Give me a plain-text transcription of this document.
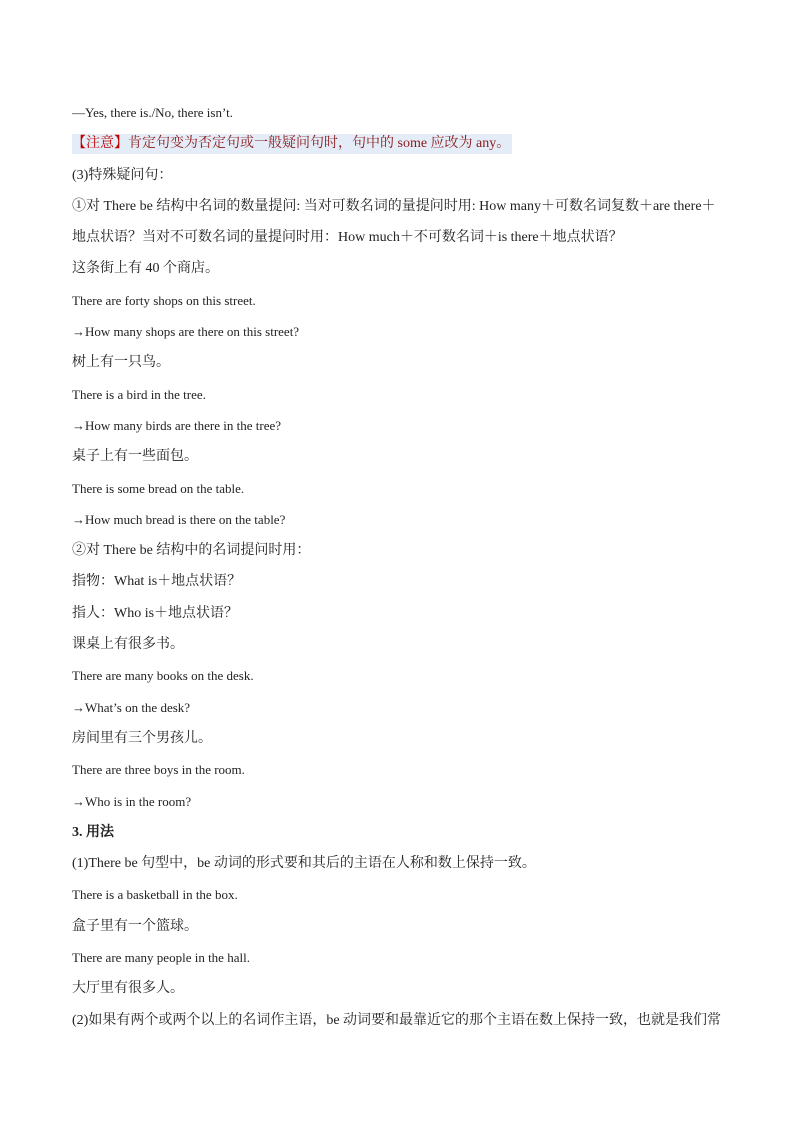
—Yes, there is./No, there isn’t.
【注意】肯定句变为否定句或一般疑问句时，句中的 some 应改为 any。
(3)特殊疑问句：
①对 There be 结构中名词的数量提问: 当对可数名词的量提问时用: How many＋可数名词复数＋are there＋
地点状语？当对不可数名词的量提问时用：How much＋不可数名词＋is there＋地点状语？
这条街上有 40 个商店。
There are forty shops on this street.
→How many shops are there on this street?
树上有一只鸟。
There is a bird in the tree.
→How many birds are there in the tree?
桌子上有一些面包。
There is some bread on the table.
→How much bread is there on the table?
②对 There be 结构中的名词提问时用：
指物：What is＋地点状语？
指人：Who is＋地点状语？
课桌上有很多书。
There are many books on the desk.
→What’s on the desk?
房间里有三个男孩儿。
There are three boys in the room.
→Who is in the room?
3. 用法
(1)There be 句型中，be 动词的形式要和其后的主语在人称和数上保持一致。
There is a basketball in the box.
盒子里有一个篮球。
There are many people in the hall.
大厅里有很多人。
(2)如果有两个或两个以上的名词作主语，be 动词要和最靠近它的那个主语在数上保持一致，也就是我们常
